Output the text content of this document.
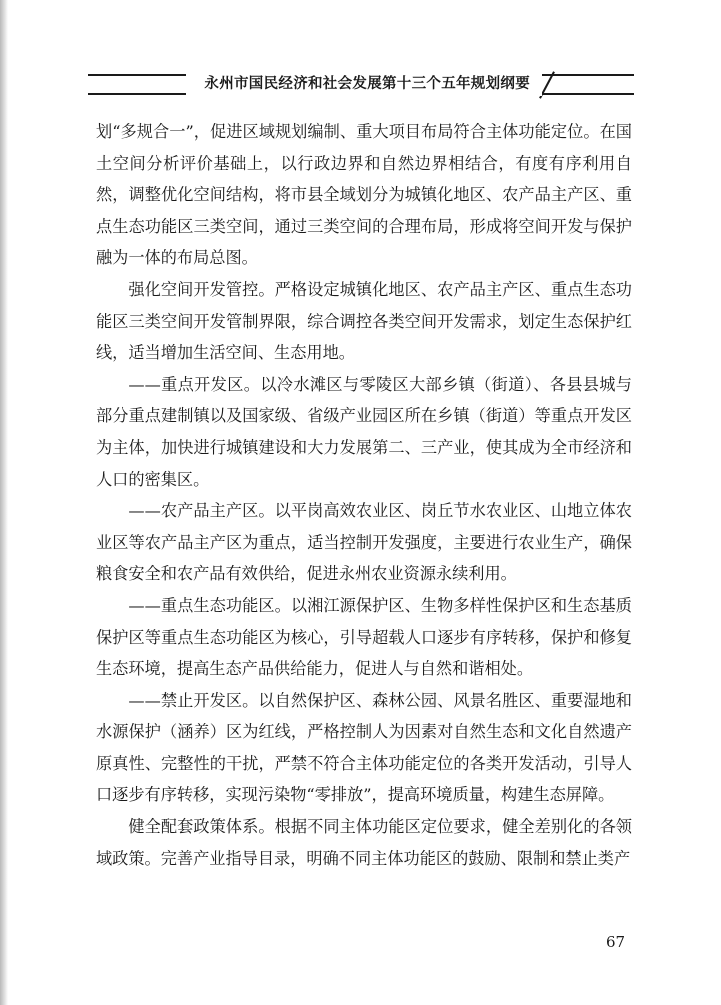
永州市国民经济和社会发展第十三个五年规划纲要

划“多规合一”，促进区域规划编制、重大项目布局符合主体功能定位。在国土空间分析评价基础上，以行政边界和自然边界相结合，有度有序利用自然，调整优化空间结构，将市县全域划分为城镇化地区、农产品主产区、重点生态功能区三类空间，通过三类空间的合理布局，形成将空间开发与保护融为一体的布局总图。

强化空间开发管控。严格设定城镇化地区、农产品主产区、重点生态功能区三类空间开发管制界限，综合调控各类空间开发需求，划定生态保护红线，适当增加生活空间、生态用地。

——重点开发区。以冷水滩区与零陵区大部乡镇（街道）、各县县城与部分重点建制镇以及国家级、省级产业园区所在乡镇（街道）等重点开发区为主体，加快进行城镇建设和大力发展第二、三产业，使其成为全市经济和人口的密集区。

——农产品主产区。以平岗高效农业区、岗丘节水农业区、山地立体农业区等农产品主产区为重点，适当控制开发强度，主要进行农业生产，确保粮食安全和农产品有效供给，促进永州农业资源永续利用。

——重点生态功能区。以湘江源保护区、生物多样性保护区和生态基质保护区等重点生态功能区为核心，引导超载人口逐步有序转移，保护和修复生态环境，提高生态产品供给能力，促进人与自然和谐相处。

——禁止开发区。以自然保护区、森林公园、风景名胜区、重要湿地和水源保护（涵养）区为红线，严格控制人为因素对自然生态和文化自然遗产原真性、完整性的干扰，严禁不符合主体功能定位的各类开发活动，引导人口逐步有序转移，实现污染物“零排放”，提高环境质量，构建生态屏障。

健全配套政策体系。根据不同主体功能区定位要求，健全差别化的各领域政策。完善产业指导目录，明确不同主体功能区的鼓励、限制和禁止类产

67
